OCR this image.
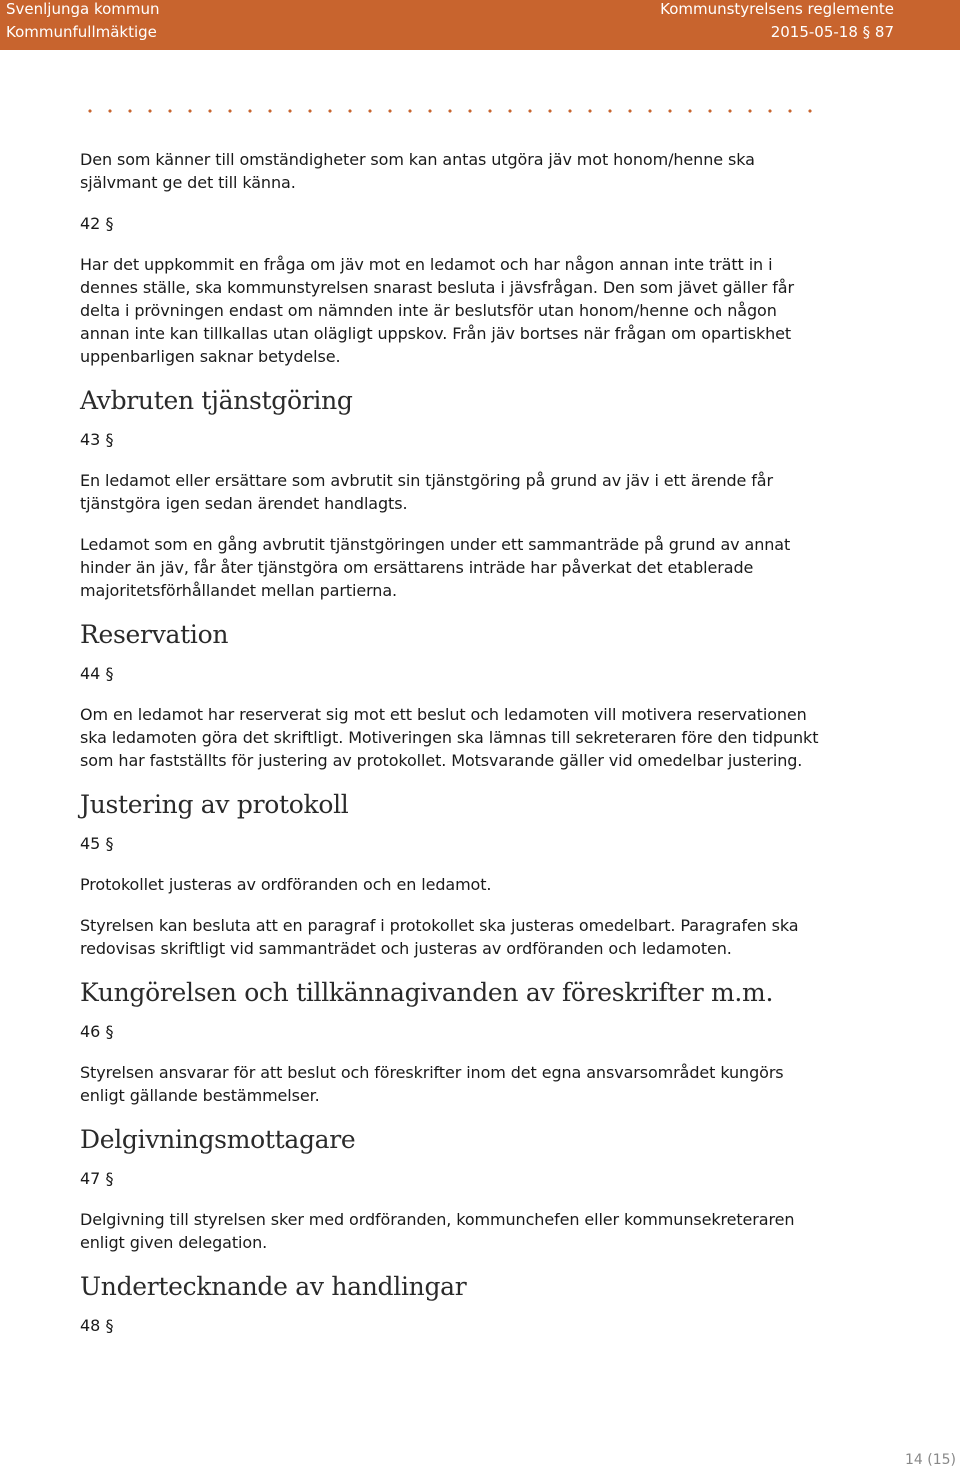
Svenljunga kommun
Kommunfullmäktige
Kommunstyrelsens reglemente
2015-05-18 § 87

Den som känner till omständigheter som kan antas utgöra jäv mot honom/henne ska självmant ge det till känna.

42 §

Har det uppkommit en fråga om jäv mot en ledamot och har någon annan inte trätt in i dennes ställe, ska kommunstyrelsen snarast besluta i jävsfrågan. Den som jävet gäller får delta i prövningen endast om nämnden inte är beslutsför utan honom/henne och någon annan inte kan tillkallas utan olägligt uppskov. Från jäv bortses när frågan om opartiskhet uppenbarligen saknar betydelse.

Avbruten tjänstgöring
43 §

En ledamot eller ersättare som avbrutit sin tjänstgöring på grund av jäv i ett ärende får tjänstgöra igen sedan ärendet handlagts.

Ledamot som en gång avbrutit tjänstgöringen under ett sammanträde på grund av annat hinder än jäv, får åter tjänstgöra om ersättarens inträde har påverkat det etablerade majoritetsförhållandet mellan partierna.

Reservation
44 §

Om en ledamot har reserverat sig mot ett beslut och ledamoten vill motivera reservationen ska ledamoten göra det skriftligt. Motiveringen ska lämnas till sekreteraren före den tidpunkt som har fastställts för justering av protokollet. Motsvarande gäller vid omedelbar justering.

Justering av protokoll
45 §

Protokollet justeras av ordföranden och en ledamot.

Styrelsen kan besluta att en paragraf i protokollet ska justeras omedelbart. Paragrafen ska redovisas skriftligt vid sammanträdet och justeras av ordföranden och ledamoten.

Kungörelsen och tillkännagivanden av föreskrifter m.m.
46 §

Styrelsen ansvarar för att beslut och föreskrifter inom det egna ansvarsområdet kungörs enligt gällande bestämmelser.

Delgivningsmottagare
47 §

Delgivning till styrelsen sker med ordföranden, kommunchefen eller kommunsekreteraren enligt given delegation.

Undertecknande av handlingar
48 §
14 (15)
